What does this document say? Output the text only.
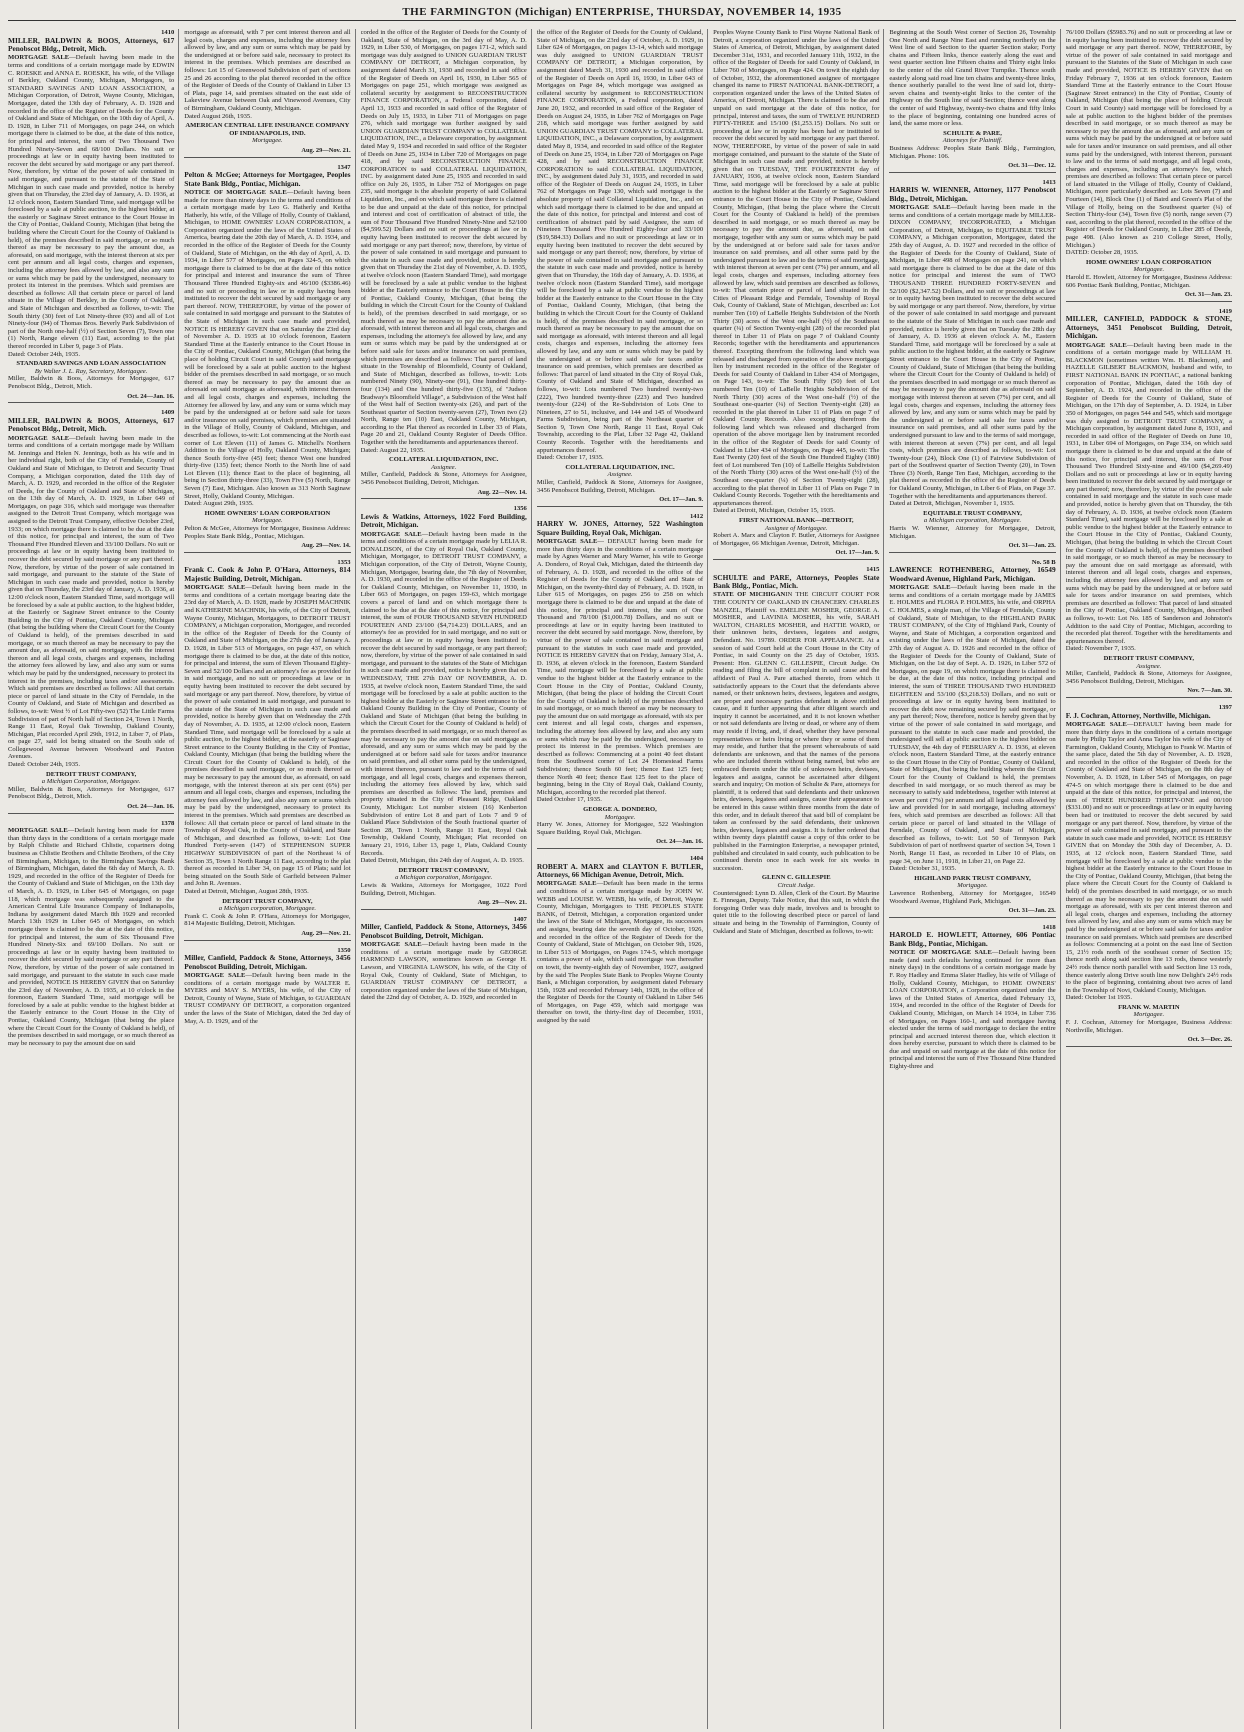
THE FARMINGTON (Michigan) ENTERPRISE, THURSDAY, NOVEMBER 14, 1935
1410
MILLER, BALDWIN & BOOS, Attorneys, 617 Penobscot Bldg., Detroit, Mich.
MORTGAGE SALE—Default having been made in the terms and conditions of a certain mortgage made by EDWIN C. ROESKE and ANNA E. ROESKE, his wife, of the Village of Berkley, Oakland County, Michigan, Mortgagors, to STANDARD SAVINGS AND LOAN ASSOCIATION, a Michigan Corporation, of Detroit, Wayne County, Michigan, Mortgagee, dated the 13th day of February, A. D. 1928 and recorded in the office of the Register of Deeds for the County of Oakland and State of Michigan, on the 10th day of April, A. D. 1928, in Liber 711 of Mortgages, on page 244, on which mortgage there is claimed to be due, at the date of this notice, for principal and interest, the sum of Two Thousand Two Hundred Ninety-Seven and 68/100 Dollars. No suit or proceedings at law or in equity having been instituted to recover the debt secured by said mortgage or any part thereof. Now, therefore, by virtue of the power of sale contained in said mortgage, and pursuant to the statute of the State of Michigan in such case made and provided, notice is hereby given that on Thursday, the 23rd day of January, A. D. 1936, at 12 o'clock noon, Eastern Standard Time, said mortgage will be foreclosed by a sale at public auction, to the highest bidder, at the easterly or Saginaw Street entrance to the Court House in the City of Pontiac, Oakland County, Michigan (that being the building where the Circuit Court for the County of Oakland is held), of the premises described in said mortgage, or so much thereof as may be necessary to pay the amount due, as aforesaid, on said mortgage, with the interest thereon at six per cent per annum and all legal costs, charges and expenses, including the attorney fees allowed by law, and also any sum or sums which may be paid by the undersigned, necessary to protect its interest in the premises. Which said premises are described as follows: All that certain piece or parcel of land situate in the Village of Berkley, in the County of Oakland, and State of Michigan and described as follows, to-wit: The South thirty (30) feet of Lot Ninety-three (93) and all of Lot Ninety-four (94) of Thomas Bros. Beverly Park Subdivision of part of the North one-half (½) of Section Seven (7), Town one (1) North, Range eleven (11) East, according to the plat thereof recorded in Liber 9, page 3 of Plats.
Dated: October 24th, 1935.
STANDARD SAVINGS AND LOAN ASSOCIATION
By Walter J. L. Ray, Secretary, Mortgagee.
Miller, Baldwin & Boos, Attorneys for Mortgagee, 617 Penobscot Bldg., Detroit, Mich.
Oct. 24—Jan. 16.
1409
MILLER, BALDWIN & BOOS, Attorneys, 617 Penobscot Bldg., Detroit, Mich.
MORTGAGE SALE—Default having been made in the terms and conditions of a certain mortgage made by William M. Jennings and Helen N. Jennings, both as his wife and in her individual right, both of the City of Ferndale, County of Oakland and State of Michigan, to Detroit and Security Trust Company, a Michigan corporation, dated the 11th day of March, A. D. 1929, and recorded in the office of the Register of Deeds, for the County of Oakland and State of Michigan, on the 13th day of March, A. D. 1929, in Liber 649 of Mortgages, on page 316, which said mortgage was thereafter assigned to the Detroit Trust Company, which mortgage was assigned to the Detroit Trust Company, effective October 23rd, 1933; on which mortgage there is claimed to be due at the date of this notice, for principal and interest, the sum of Two Thousand Five Hundred Eleven and 33/100 Dollars. No suit or proceedings at law or in equity having been instituted to recover the debt secured by said mortgage or any part thereof. Now, therefore, by virtue of the power of sale contained in said mortgage, and pursuant to the statute of the State of Michigan in such case made and provided, notice is hereby given that on Thursday, the 23rd day of January, A. D. 1936, at 12:00 o'clock noon, Eastern Standard Time, said mortgage will be foreclosed by a sale at public auction, to the highest bidder, at the Easterly or Saginaw Street entrance to the County Building in the City of Pontiac, Oakland County, Michigan (that being the building where the Circuit Court for the County of Oakland is held), of the premises described in said mortgage, or so much thereof as may be necessary to pay the amount due, as aforesaid, on said mortgage, with the interest thereon and all legal costs, charges and expenses, including the attorney fees allowed by law, and also any sum or sums which may be paid by the undersigned, necessary to protect its interest in the premises, including taxes and/or assessments. Which said premises are described as follows: All that certain piece or parcel of land situate in the City of Ferndale, in the County of Oakland, and State of Michigan and described as follows, to-wit: West ½ of Lot Fifty-two (52) The Little Farms Subdivision of part of North half of Section 24, Town 1 North, Range 11 East, Royal Oak Township, Oakland County, Michigan, Plat recorded April 29th, 1912, in Liber 7, of Plats, on page 27, said lot being situated on the South side of Collegewood Avenue between Woodward and Paxton Avenues.
Dated: October 24th, 1935.
DETROIT TRUST COMPANY,
a Michigan Corporation, Mortgagee.
Miller, Baldwin & Boos, Attorneys for Mortgagee, 617 Penobscot Bldg., Detroit, Mich.
Oct. 24—Jan. 16.
1378
MORTGAGE SALE—Default having been made for more than thirty days in the conditions of a certain mortgage made by Ralph Chlistie and Richard Chlistie, copartners doing business as Chlistie Brothers and Chlistie Brothers, of the City of Birmingham, Michigan, to the Birmingham Savings Bank of Birmingham, Michigan, dated the 6th day of March, A. D. 1929, and recorded in the office of the Register of Deeds for the County of Oakland and State of Michigan, on the 13th day of March, A. D. 1929, in Liber 645 of Mortgages, on page 118, which mortgage was subsequently assigned to the American Central Life Insurance Company of Indianapolis, Indiana by assignment dated March 8th 1929 and recorded March 13th 1929 in Liber 645 of Mortgages, on which mortgage there is claimed to be due at the date of this notice, for principal and interest, the sum of Six Thousand Five Hundred Ninety-Six and 69/100 Dollars. No suit or proceedings at law or in equity having been instituted to recover the debt secured by said mortgage or any part thereof. Now, therefore, by virtue of the power of sale contained in said mortgage, and pursuant to the statute in such case made and provided, NOTICE IS HEREBY GIVEN that on Saturday the 23rd day of November, A. D. 1935, at 10 o'clock in the forenoon, Eastern Standard Time, said mortgage will be foreclosed by a sale at public vendue to the highest bidder at the Easterly entrance to the Court House in the City of Pontiac, Oakland County, Michigan (that being the place where the Circuit Court for the County of Oakland is held), of the premises described in said mortgage, or so much thereof as may be necessary to pay the amount due on said
mortgage as aforesaid, with 7 per cent interest thereon and all legal costs, charges and expenses, including the attorney fees allowed by law, and any sum or sums which may be paid by the undersigned at or before said sale, necessary to protect its interest in the premises. Which premises are described as follows: Lot 15 of Greenwood Subdivision of part of sections 25 and 26 according to the plat thereof recorded in the office of the Register of Deeds of the County of Oakland in Liber 13 of Plats, page 14, said premises situated on the east side of Lakeview Avenue between Oak and Vinewood Avenues, City of Birmingham, Oakland County, Michigan.
Dated August 26th, 1935.
AMERICAN CENTRAL LIFE INSURANCE COMPANY OF INDIANAPOLIS, IND.
Mortgagee.
Aug. 29—Nov. 21.
1347
Pelton & McGee; Attorneys for Mortgagee, Peoples State Bank Bldg., Pontiac, Michigan.
NOTICE OF MORTGAGE SALE—Default having been made for more than ninety days in the terms and conditions of a certain mortgage made by Leo G. Hatherly and Keitha Hatherly, his wife, of the Village of Holly, County of Oakland, Michigan, to HOME OWNERS' LOAN CORPORATION, a Corporation organized under the laws of the United States of America, bearing date the 20th day of March, A. D. 1934, and recorded in the office of the Register of Deeds for the County of Oakland, State of Michigan, on the 4th day of April, A. D. 1934, in Liber 577 of Mortgages, on Pages 324-5, on which mortgage there is claimed to be due at the date of this notice for principal and interest and insurance the sum of Three Thousand Three Hundred Eighty-six and 46/100 ($3386.46) and no suit or proceeding in law or in equity having been instituted to recover the debt secured by said mortgage or any part thereof. NOW, THEREFORE, by virtue of the power of sale contained in said mortgage and pursuant to the Statutes of the State of Michigan in such case made and provided, NOTICE IS HEREBY GIVEN that on Saturday the 23rd day of November A. D. 1935 at 10 o'clock forenoon, Eastern Standard Time at the Easterly entrance to the Court House in the City of Pontiac, Oakland County, Michigan (that being the place of holding Circuit Court in said County) said mortgage will be foreclosed by a sale at public auction to the highest bidder of the premises described in said mortgage, or so much thereof as may be necessary to pay the amount due as aforesaid on said mortgage as aforesaid, with interest thereon and all legal costs, charges and expenses, including the Attorney fee allowed by law, and any sum or sums which may be paid by the undersigned at or before said sale for taxes and/or insurance on said premises, which premises are situated in the Village of Holly, County of Oakland, Michigan, and described as follows, to-wit: Lot commencing at the North east corner of Lot Eleven (11) of James G. Mitchell's Northern Addition to the Village of Holly, Oakland County, Michigan; thence South forty-five (45) feet; thence West one hundred thirty-five (135) feet; thence North to the North line of said Lot Eleven (11); thence East to the place of beginning, all being in Section thirty-three (33), Town Five (5) North, Range Seven (7) East, Michigan. Also known as 313 North Saginaw Street, Holly, Oakland County, Michigan.
Dated: August 29th, 1935.
HOME OWNERS' LOAN CORPORATION
Mortgagee.
Pelton & McGee, Attorneys for Mortgagee, Business Address: Peoples State Bank Bldg., Pontiac, Michigan.
Aug. 29—Nov. 14.
1353
Frank C. Cook & John P. O'Hara, Attorneys, 814 Majestic Building, Detroit, Michigan.
MORTGAGE SALE—Default having been made in the terms and conditions of a certain mortgage bearing date the 23rd day of March, A. D. 1928, made by JOSEPH MACHNIK and KATHERINE MACHNIK, his wife, of the City of Detroit, Wayne County, Michigan, Mortgagors, to DETROIT TRUST COMPANY, a Michigan corporation, Mortgagee, and recorded in the office of the Register of Deeds for the County of Oakland and State of Michigan, on the 27th day of January A. D. 1928, in Liber 513 of Mortgages, on page 437, on which mortgage there is claimed to be due, at the date of this notice, for principal and interest, the sum of Eleven Thousand Eighty-Seven and 52/100 Dollars and an attorney's fee as provided for in said mortgage, and no suit or proceedings at law or in equity having been instituted to recover the debt secured by said mortgage or any part thereof. Now, therefore, by virtue of the power of sale contained in said mortgage, and pursuant to the statute of the State of Michigan in such case made and provided, notice is hereby given that on Wednesday the 27th day of November, A. D. 1935, at 12:00 o'clock noon, Eastern Standard Time, said mortgage will be foreclosed by a sale at public auction, to the highest bidder, at the easterly or Saginaw Street entrance to the County Building in the City of Pontiac, Oakland County, Michigan (that being the building where the Circuit Court for the County of Oakland is held), of the premises described in said mortgage, or so much thereof as may be necessary to pay the amount due, as aforesaid, on said mortgage, with the interest thereon at six per cent (6%) per annum and all legal costs, charges and expenses, including the attorney fees allowed by law, and also any sum or sums which may be paid by the undersigned, necessary to protect its interest in the premises. Which said premises are described as follows: All that certain piece or parcel of land situate in the Township of Royal Oak, in the County of Oakland, and State of Michigan, and described as follows, to-wit: Lot One Hundred Forty-seven (147) of STEPHENSON SUPER HIGHWAY SUBDIVISION of part of the Northeast ¼ of Section 35, Town 1 North Range 11 East, according to the plat thereof as recorded in Liber 34, on page 15 of Plats; said lot being situated on the South Side of Garfield between Palmer and John R. Avenues.
Dated at Detroit, Michigan, August 28th, 1935.
DETROIT TRUST COMPANY,
a Michigan corporation, Mortgagee.
Frank C. Cook & John P. O'Hara, Attorneys for Mortgagee, 814 Majestic Building, Detroit, Michigan.
Aug. 29—Nov. 21.
1350
Miller, Canfield, Paddock & Stone, Attorneys, 3456 Penobscot Building, Detroit, Michigan.
MORTGAGE SALE—Default having been made in the conditions of a certain mortgage made by WALTER E. MYERS and MAY S. MYERS, his wife, of the City of Detroit, County of Wayne, State of Michigan, to GUARDIAN TRUST COMPANY OF DETROIT, a corporation organized under the laws of the State of Michigan, dated the 3rd day of May, A. D. 1929, and of the
corded in the office of the Register of Deeds for the County of Oakland, State of Michigan, on the 3rd day of May, A. D. 1929, in Liber 530, of Mortgages, on pages 171-2, which said mortgage was duly assigned to UNION GUARDIAN TRUST COMPANY OF DETROIT, a Michigan corporation, by assignment dated March 31, 1930 and recorded in said office of the Register of Deeds on April 16, 1930, in Liber 565 of Mortgages on page 251, which mortgage was assigned as collateral security by assignment to RECONSTRUCTION FINANCE CORPORATION, a Federal corporation, dated April 13, 1933 and recorded in said office of the Register of Deeds on July 15, 1933, in Liber 711 of Mortgages on page 276, which said mortgage was further assigned by said UNION GUARDIAN TRUST COMPANY to COLLATERAL LIQUIDATION, INC., a Delaware corporation, by assignment dated May 9, 1934 and recorded in said office of the Register of Deeds on June 25, 1934 in Liber 720 of Mortgages on page 418, and by said RECONSTRUCTION FINANCE CORPORATION to said COLLATERAL LIQUIDATION, INC. by assignment dated June 25, 1935 and recorded in said office on July 26, 1935, in Liber 752 of Mortgages on page 235, said mortgage is the absolute property of said Collateral Liquidation, Inc., and on which said mortgage there is claimed to be due and unpaid at the date of this notice, for principal and interest and cost of certification of abstract of title, the sum of Four Thousand Five Hundred Ninety-Nine and 52/100 ($4,599.52) Dollars and no suit or proceedings at law or in equity having been instituted to recover the debt secured by said mortgage or any part thereof; now, therefore, by virtue of the power of sale contained in said mortgage and pursuant to the statute in such case made and provided, notice is hereby given that on Thursday the 21st day of November, A. D. 1935, at twelve o'clock noon (Eastern Standard Time), said mortgage will be foreclosed by a sale at public vendue to the highest bidder at the Easterly entrance to the Court House in the City of Pontiac, Oakland County, Michigan, (that being the building in which the Circuit Court for the County of Oakland is held), of the premises described in said mortgage, or so much thereof as may be necessary to pay the amount due as aforesaid, with interest thereon and all legal costs, charges and expenses, including the attorney's fee allowed by law, and any sum or sums which may be paid by the undersigned at or before said sale for taxes and/or insurance on said premises, which premises are described as follows: That parcel of land situate in the Township of Bloomfield, County of Oakland, and State of Michigan, described as follows, to-wit: Lots numbered Ninety (90), Ninety-one (91), One hundred thirty-four (134) and One hundred thirty-five (135), of "Judson Bradway's Bloomfield Village", a Subdivision of the West half of the West half of Section twenty-six (26), and part of the Southeast quarter of Section twenty-seven (27), Town two (2) North, Range ten (10) East, Oakland County, Michigan, according to the Plat thereof as recorded in Liber 33 of Plats, Page 20 and 21, Oakland County Register of Deeds Office. Together with the hereditaments and appurtenances thereof.
Dated: August 22, 1935.
COLLATERAL LIQUIDATION, INC.
Assignee.
Miller, Canfield, Paddock & Stone, Attorneys for Assignee, 3456 Penobscot Building, Detroit, Michigan.
Aug. 22—Nov. 14.
1356
Lewis & Watkins, Attorneys, 1022 Ford Building, Detroit, Michigan.
MORTGAGE SALE—Default having been made in the terms and conditions of a certain mortgage made by LELIA R. DONALDSON, of the City of Royal Oak, Oakland County, Michigan, Mortgagor, to DETROIT TRUST COMPANY, a Michigan corporation, of the City of Detroit, Wayne County, Michigan, Mortgagee, bearing date, the 7th day of November, A. D. 1930, and recorded in the office of the Register of Deeds for Oakland County, Michigan, on November 11, 1930, in Liber 663 of Mortgages, on pages 159-63, which mortgage covers a parcel of land and on which mortgage there is claimed to be due at the date of this notice, for principal and interest, the sum of FOUR THOUSAND SEVEN HUNDRED FOURTEEN AND 23/100 ($4,714.23) DOLLARS, and an attorney's fee as provided for in said mortgage, and no suit or proceedings at law or in equity having been instituted to recover the debt secured by said mortgage, or any part thereof; now, therefore, by virtue of the power of sale contained in said mortgage, and pursuant to the statutes of the State of Michigan in such case made and provided, notice is hereby given that on WEDNESDAY, THE 27th DAY OF NOVEMBER, A. D. 1935, at twelve o'clock noon, Eastern Standard Time, the said mortgage will be foreclosed by a sale at public auction to the highest bidder at the Easterly or Saginaw Street entrance to the Oakland County Building in the City of Pontiac, County of Oakland and State of Michigan (that being the building in which the Circuit Court for the County of Oakland is held) of the premises described in said mortgage, or so much thereof as may be necessary to pay the amount due on said mortgage as aforesaid, and any sum or sums which may be paid by the undersigned at or before said sale for taxes and/or insurance on said premises, and all other sums paid by the undersigned, with interest thereon, pursuant to law and to the terms of said mortgage, and all legal costs, charges and expenses thereon, including the attorney fees allowed by law, which said premises are described as follows: The land, premises and property situated in the City of Pleasant Ridge, Oakland County, Michigan: Lot number sixteen (16) Kenberton Subdivision of entire Lot 8 and part of Lots 7 and 9 of Oakland Place Subdivision of the South fractional quarter of Section 28, Town 1 North, Range 11 East, Royal Oak Township, Oakland County, Michigan; Plat recorded on January 21, 1916, Liber 13, page 1, Plats, Oakland County Records.
Dated Detroit, Michigan, this 24th day of August, A. D. 1935.
DETROIT TRUST COMPANY,
a Michigan corporation, Mortgagee.
Lewis & Watkins, Attorneys for Mortgagee, 1022 Ford Building, Detroit, Michigan.
Aug. 29—Nov. 21.
1407
Miller, Canfield, Paddock & Stone, Attorneys, 3456 Penobscot Building, Detroit, Michigan.
MORTGAGE SALE—Default having been made in the conditions of a certain mortgage made by GEORGE HARMOND LAWSON, sometimes known as George H. Lawson, and VIRGINIA LAWSON, his wife, of the City of Royal Oak, County of Oakland, State of Michigan, to GUARDIAN TRUST COMPANY OF DETROIT, a corporation organized under the laws of the State of Michigan, dated the 22nd day of October, A. D. 1929, and recorded in
the office of the Register of Deeds for the County of Oakland, State of Michigan, on the 23rd day of October, A. D. 1929, in Liber 624 of Mortgages, on pages 13-14, which said mortgage was duly assigned to UNION GUARDIAN TRUST COMPANY OF DETROIT, a Michigan corporation, by assignment dated March 31, 1930 and recorded in said office of the Register of Deeds on April 16, 1930, in Liber 643 of Mortgages on Page 84, which mortgage was assigned as collateral security by assignment to RECONSTRUCTION FINANCE CORPORATION, a Federal corporation, dated June 20, 1932, and recorded in said office of the Register of Deeds on August 24, 1935, in Liber 762 of Mortgages on Page 218, which said mortgage was further assigned by said UNION GUARDIAN TRUST COMPANY to COLLATERAL LIQUIDATION, INC., a Delaware corporation, by assignment dated May 8, 1934, and recorded in said office of the Register of Deeds on June 25, 1934, in Liber 720 of Mortgages on Page 428, and by said RECONSTRUCTION FINANCE CORPORATION to said COLLATERAL LIQUIDATION, INC., by assignment dated July 31, 1935, and recorded in said office of the Register of Deeds on August 24, 1935, in Liber 762 of Mortgages on Page 130, which said mortgage is the absolute property of said Collateral Liquidation, Inc., and on which said mortgage there is claimed to be due and unpaid at the date of this notice, for principal and interest and cost of certification of abstract paid by said Assignee, the sum of Nineteen Thousand Five Hundred Eighty-four and 33/100 ($19,584.33) Dollars and no suit or proceedings at law or in equity having been instituted to recover the debt secured by said mortgage or any part thereof; now, therefore, by virtue of the power of sale contained in said mortgage and pursuant to the statute in such case made and provided, notice is hereby given that on Thursday, the 16th day of January, A. D. 1936, at twelve o'clock noon (Eastern Standard Time), said mortgage will be foreclosed by a sale at public vendue to the highest bidder at the Easterly entrance to the Court House in the City of Pontiac, Oakland County, Michigan, (that being the building in which the Circuit Court for the County of Oakland is held), of the premises described in said mortgage, or so much thereof as may be necessary to pay the amount due on said mortgage as aforesaid, with interest thereon and all legal costs, charges and expenses, including the attorney fees allowed by law, and any sum or sums which may be paid by the undersigned at or before said sale for taxes and/or insurance on said premises, which premises are described as follows: That parcel of land situated in the City of Royal Oak, County of Oakland and State of Michigan, described as follows, to-wit: Lots numbered Two hundred twenty-two (222), Two hundred twenty-three (223) and Two hundred twenty-four (224) of the Re-Subdivision of Lots One to Nineteen, 27 to 51, inclusive, and 144 and 145 of Woodward Farms Subdivision, being part of the Northeast quarter of Section 9, Town One North, Range 11 East, Royal Oak Township, according to the Plat, Liber 32 Page 42, Oakland County Records. Together with the hereditaments and appurtenances thereof.
Dated: October 17, 1935.
COLLATERAL LIQUIDATION, INC.
Assignee.
Miller, Canfield, Paddock & Stone, Attorneys for Assignee, 3456 Penobscot Building, Detroit, Michigan.
Oct. 17—Jan. 9.
1412
HARRY W. JONES, Attorney, 522 Washington Square Building, Royal Oak, Michigan.
MORTGAGE SALE— DEFAULT having been made for more than thirty days in the conditions of a certain mortgage made by Agnes Warner and Mary Warner, his wife to George A. Dondero, of Royal Oak, Michigan, dated the thirteenth day of February, A. D. 1928, and recorded in the office of the Register of Deeds for the County of Oakland and State of Michigan, on the twenty-third day of February, A. D. 1928, in Liber 615 of Mortgages, on pages 256 to 258 on which mortgage there is claimed to be due and unpaid at the date of this notice, for principal and interest, the sum of One Thousand and 78/100 ($1,000.78) Dollars, and no suit or proceedings at law or in equity having been instituted to recover the debt secured by said mortgage. Now, therefore, by virtue of the power of sale contained in said mortgage and pursuant to the statutes in such case made and provided, NOTICE IS HEREBY GIVEN that on Friday, January 31st, A. D. 1936, at eleven o'clock in the forenoon, Eastern Standard Time, said mortgage will be foreclosed by a sale at public vendue to the highest bidder at the Easterly entrance to the Court House in the City of Pontiac, Oakland County, Michigan, (that being the place of holding the Circuit Court for the County of Oakland is held) of the premises described in said mortgage, or so much thereof as may be necessary to pay the amount due on said mortgage as aforesaid, with six per cent interest and all legal costs, charges and expenses, including the attorney fees allowed by law, and also any sum or sums which may be paid by the undersigned, necessary to protect its interest in the premises. Which premises are described as follows: Commencing at a point 40 feet distant from the Southwest corner of Lot 24 Homestead Farms Subdivision; thence South 60 feet; thence East 125 feet; thence North 40 feet; thence East 125 feet to the place of beginning, being in the City of Royal Oak, Oakland County, Michigan, according to the recorded plat thereof.
Dated October 17, 1935.
GEORGE A. DONDERO,
Mortgagee.
Harry W. Jones, Attorney for Mortgagee, 522 Washington Square Building, Royal Oak, Michigan.
Oct. 24—Jan. 16.
1404
ROBERT A. MARX and CLAYTON F. BUTLER, Attorneys, 66 Michigan Avenue, Detroit, Mich.
MORTGAGE SALE—Default has been made in the terms and conditions of a certain mortgage made by JOHN W. WEBB and LOUISE W. WEBB, his wife, of Detroit, Wayne County, Michigan, Mortgagors to THE PEOPLES STATE BANK, of Detroit, Michigan, a corporation organized under the laws of the State of Michigan, Mortgagee, its successors and assigns, bearing date the seventh day of October, 1926, and recorded in the office of the Register of Deeds for the County of Oakland, State of Michigan, on October 9th, 1926, in Liber 513 of Mortgages, on Pages 174-5, which mortgage contains a power of sale, which said mortgage was thereafter on towit, the twenty-eighth day of November, 1927, assigned by the said The Peoples State Bank to Peoples Wayne County Bank, a Michigan corporation, by assignment dated February 15th, 1928 and recorded February 14th, 1928, in the office of the Register of Deeds for the County of Oakland in Liber 546 of Mortgages, on Page 459, which said mortgage was thereafter on towit, the thirty-first day of December, 1931, assigned by the said
Peoples Wayne County Bank to First Wayne National Bank of Detroit, a corporation organized under the laws of the United States of America, of Detroit, Michigan, by assignment dated December 31st, 1931, and recorded January 11th, 1932, in the office of the Register of Deeds for said County of Oakland, in Liber 760 of Mortgages, on Page 424. On towit the eighth day of October, 1932, the aforementioned assignee of mortgagee changed its name to FIRST NATIONAL BANK-DETROIT, a corporation organized under the laws of the United States of America, of Detroit, Michigan. There is claimed to be due and unpaid on said mortgage at the date of this notice, for principal, interest and taxes, the sum of TWELVE HUNDRED FIFTY-THREE and 15/100 ($1,253.15) Dollars. No suit or proceeding at law or in equity has been had or instituted to recover the debt secured by said mortgage or any part thereof. NOW, THEREFORE, by virtue of the power of sale in said mortgage contained, and pursuant to the statute of the State of Michigan in such case made and provided, notice is hereby given that on TUESDAY, THE FOURTEENTH day of JANUARY, 1936, at twelve o'clock noon, Eastern Standard Time, said mortgage will be foreclosed by a sale at public auction to the highest bidder at the Easterly or Saginaw Street entrance to the Court House in the City of Pontiac, Oakland County, Michigan, (that being the place where the Circuit Court for the County of Oakland is held) of the premises described in said mortgage, or so much thereof as may be necessary to pay the amount due, as aforesaid, on said mortgage, together with any sum or sums which may be paid by the undersigned at or before said sale for taxes and/or insurance on said premises, and all other sums paid by the undersigned pursuant to law and to the terms of said mortgage, with interest thereon at seven per cent (7%) per annum, and all legal costs, charges and expenses, including attorney fees allowed by law, which said premises are described as follows, to-wit: That certain piece or parcel of land situated in the Cities of Pleasant Ridge and Ferndale, Township of Royal Oak, County of Oakland, State of Michigan, described as: Lot number Ten (10) of LaBelle Heights Subdivision of the North Thirty (30) acres of the West one-half (½) of the Southeast quarter (¼) of Section Twenty-eight (28) of the recorded plat thereof in Liber 11 of Plats on page 7 of Oakland County Records; together with the hereditaments and appurtenances thereof. Excepting therefrom the following land which was released and discharged from operation of the above mortgage lien by instrument recorded in the office of the Register of Deeds for said County of Oakland in Liber 434 of Mortgages, on Page 143, to-wit: The South Fifty (50) feet of Lot numbered Ten (10) of LaBelle Heights Subdivision of the North Thirty (30) acres of the West one-half (½) of the Southeast one-quarter (¼) of Section Twenty-eight (28) as recorded in the plat thereof in Liber 11 of Plats on page 7 of Oakland County Records. Also excepting therefrom the following land which was released and discharged from operation of the above mortgage lien by instrument recorded in the office of the Register of Deeds for said County of Oakland in Liber 434 of Mortgages, on Page 445, to-wit: The East Twenty (20) feet of the South One Hundred Eighty (180) feet of Lot numbered Ten (10) of LaBelle Heights Subdivision of the North Thirty (30) acres of the West one-half (½) of the Southeast one-quarter (¼) of Section Twenty-eight (28), according to the plat thereof in Liber 11 of Plats on Page 7 in Oakland County Records. Together with the hereditaments and appurtenances thereof.
Dated at Detroit, Michigan, October 15, 1935.
FIRST NATIONAL BANK—DETROIT,
Assignee of Mortgagee.
Robert A. Marx and Clayton F. Butler, Attorneys for Assignee of Mortgagee, 66 Michigan Avenue, Detroit, Michigan.
Oct. 17—Jan. 9.
1415
SCHULTE and PARE, Attorneys, Peoples State Bank Bldg., Pontiac, Mich.
STATE OF MICHIGANIN THE CIRCUIT COURT FOR THE COUNTY OF OAKLAND IN CHANCERY. CHARLES MANZEL, Plaintiff vs. EMELINE MOSHER, GEORGE A. MOSHER, and LAVINIA MOSHER, his wife, SARAH WALTON, CHARLES MOSHER, and HATTIE WARD, or their unknown heirs, devisees, legatees and assigns, Defendant. No. 19789. ORDER FOR APPEARANCE. At a session of said Court held at the Court House in the City of Pontiac, in said County on the 25 day of October, 1935. Present: Hon. GLENN C. GILLESPIE, Circuit Judge. On reading and filing the bill of complaint in said cause and the affidavit of Paul A. Pare attached thereto, from which it satisfactorily appears to the Court that the defendants above named, or their unknown heirs, devisees, legatees and assigns, are proper and necessary parties defendant in above entitled cause, and it further appearing that after diligent search and inquiry it cannot be ascertained, and it is not known whether or not said defendants are living or dead, or where any of them may reside if living, and, if dead, whether they have personal representatives or heirs living or where they or some of them may reside, and further that the present whereabouts of said defendants are unknown, and that the names of the persons who are included therein without being named, but who are embraced therein under the title of unknown heirs, devisees, legatees and assigns, cannot be ascertained after diligent search and inquiry; On motion of Schulte & Pare, attorneys for plaintiff, it is ordered that said defendants and their unknown heirs, devisees, legatees and assigns, cause their appearance to be entered in this cause within three months from the date of this order, and in default thereof that said bill of complaint be taken as confessed by the said defendants, their unknown heirs, devisees, legatees and assigns. It is further ordered that within twenty days plaintiff cause a copy of this order to be published in the Farmington Enterprise, a newspaper printed, published and circulated in said county, such publication to be continued therein once in each week for six weeks in succession.
GLENN C. GILLESPIE
Circuit Judge.
Countersigned: Lynn D. Allen, Clerk of the Court. By Maurine E. Finnegan, Deputy. Take Notice, that this suit, in which the foregoing Order was duly made, involves and is brought to quiet title to the following described piece or parcel of land situate and being in the Township of Farmington, County of Oakland and State of Michigan, described as follows, to-wit:
Beginning at the South West corner of Section 26, Township One North and Range Nine East and running northerly on the West line of said Section to the quarter Section stake; Forty chains and Fifteen links, thence easterly along the east and west quarter section line Fifteen chains and Thirty eight links to the center of the old Grand River Turnpike. Thence south easterly along said road line ten chains and twenty-three links, thence southerly parallel to the west line of said lot, thirty-seven chains and twenty-eight links to the center of the Highway on the South line of said Section; thence west along the center of said Highway, twenty-two chains and fifty links to the place of beginning, containing one hundred acres of land, the same more or less.
SCHULTE & PARE,
Attorneys for Plaintiff.
Business Address: Peoples State Bank Bldg., Farmington, Michigan. Phone: 106.
Oct. 31—Dec. 12.
1413
HARRIS W. WIENNER, Attorney, 1177 Penobscot Bldg., Detroit, Michigan.
MORTGAGE SALE—Default having been made in the terms and conditions of a certain mortgage made by MILLER-DIXON COMPANY, INCORPORATED, a Michigan Corporation, of Detroit, Michigan, to EQUITABLE TRUST COMPANY, a Michigan corporation, Mortgagee, dated the 25th day of August, A. D. 1927 and recorded in the office of the Register of Deeds for the County of Oakland, State of Michigan, in Liber 498 of Mortgages on page 241, on which said mortgage there is claimed to be due at the date of this notice for principal and interest the sum of TWO THOUSAND THREE HUNDRED FORTY-SEVEN and 52/100 ($2,347.52) Dollars, and no suit or proceedings at law or in equity having been instituted to recover the debt secured by said mortgage or any part thereof. Now, therefore, by virtue of the power of sale contained in said mortgage and pursuant to the statute of the State of Michigan in such case made and provided, notice is hereby given that on Tuesday the 28th day of January, A. D. 1936 at eleven o'clock A. M., Eastern Standard Time, said mortgage will be foreclosed by a sale at public auction to the highest bidder, at the easterly or Saginaw Street entrance to the Court House in the City of Pontiac, County of Oakland, State of Michigan (that being the building where the Circuit Court for the County of Oakland is held) of the premises described in said mortgage or so much thereof as may be necessary to pay the amount due as aforesaid on said mortgage with interest thereon at seven (7%) per cent, and all legal costs, charges and expenses, including the attorney fees allowed by law, and any sum or sums which may be paid by the undersigned at or before said sale for taxes and/or insurance on said premises, and all other sums paid by the undersigned pursuant to law and to the terms of said mortgage, with interest thereon at seven (7%) per cent, and all legal costs, which premises are described as follows, to-wit: Lot Twenty-four (24), Block One (1) of Fairview Subdivision of part of the Southwest quarter of Section Twenty (20), in Town Three (3) North, Range Ten East, Michigan, according to the plat thereof as recorded in the office of the Register of Deeds for Oakland County, Michigan, in Liber 6 of Plats, on Page 37. Together with the hereditaments and appurtenances thereof.
Dated at Detroit, Michigan, November 1, 1935.
EQUITABLE TRUST COMPANY,
a Michigan corporation, Mortgagee.
Harris W. Wienner, Attorney for Mortgagee, Detroit, Michigan.
Oct. 31—Jan. 23.
No. 58 B
LAWRENCE ROTHENBERG, Attorney, 16549 Woodward Avenue, Highland Park, Michigan.
MORTGAGE SALE—Default having been made in the terms and conditions of a certain mortgage made by JAMES E. HOLMES and FLORA P. HOLMES, his wife, and ORPHA C. HOLMES, a single man, of the Village of Ferndale, County of Oakland, State of Michigan, to the HIGHLAND PARK TRUST COMPANY, of the City of Highland Park, County of Wayne, and State of Michigan, a corporation organized and existing under the laws of the State of Michigan, dated the 27th day of August A. D. 1926 and recorded in the office of the Register of Deeds for the County of Oakland, State of Michigan, on the 1st day of Sept. A. D. 1926, in Liber 572 of Mortgages, on page 19, on which mortgage there is claimed to be due, at the date of this notice, including principal and interest, the sum of THREE THOUSAND TWO HUNDRED EIGHTEEN and 53/100 ($3,218.53) Dollars, and no suit or proceedings at law or in equity having been instituted to recover the debt now remaining secured by said mortgage, or any part thereof; Now, therefore, notice is hereby given that by virtue of the power of sale contained in said mortgage, and pursuant to the statute in such case made and provided, the undersigned will sell at public auction to the highest bidder on TUESDAY, the 4th day of FEBRUARY A. D. 1936, at eleven o'clock noon, Eastern Standard Time, at the easterly entrance to the Court House in the City of Pontiac, County of Oakland, State of Michigan, that being the building wherein the Circuit Court for the County of Oakland is held, the premises described in said mortgage, or so much thereof as may be necessary to satisfy said indebtedness, together with interest at seven per cent (7%) per annum and all legal costs allowed by law and provided for in said mortgage, including attorneys' fees, which said premises are described as follows: All that certain piece or parcel of land situated in the Village of Ferndale, County of Oakland, and State of Michigan, described as follows, to-wit: Lot 50 of Tennyson Park Subdivision of part of northwest quarter of section 34, Town 1 North, Range 11 East, as recorded in Liber 10 of Plats, on page 34, on June 11, 1918, in Liber 21, on Page 22.
Dated: October 31, 1935.
HIGHLAND PARK TRUST COMPANY,
Mortgagee.
Lawrence Rothenberg, Attorney for Mortgagee, 16549 Woodward Avenue, Highland Park, Michigan.
Oct. 31—Jan. 23.
1418
HAROLD E. HOWLETT, Attorney, 606 Pontiac Bank Bldg., Pontiac, Michigan.
NOTICE OF MORTGAGE SALE—Default having been made (and such defaults having continued for more than ninety days) in the conditions of a certain mortgage made by F. Roy Hadley and Emma Slater Hadley, his wife of Village of Holly, Oakland County, Michigan, to HOME OWNERS' LOAN CORPORATION, a Corporation organized under the laws of the United States of America, dated February 13, 1934, and recorded in the office of the Register of Deeds for Oakland County, Michigan, on March 14 1934, in Liber 736 of Mortgages, on Pages 160-1, and said mortgagee having elected under the terms of said mortgage to declare the entire principal and accrued interest thereon due, which election it does hereby exercise, pursuant to which there is claimed to be due and unpaid on said mortgage at the date of this notice for principal and interest the sum of Five Thousand Nine Hundred Eighty-three and
76/100 Dollars ($5983.76) and no suit or proceeding at law or in equity having been instituted to recover the debt secured by said mortgage or any part thereof. NOW, THEREFORE, by virtue of the power of sale contained in said mortgage and pursuant to the Statutes of the State of Michigan in such case made and provided, NOTICE IS HEREBY GIVEN that on Friday February 7, 1936 at ten o'clock forenoon, Eastern Standard Time at the Easterly entrance to the Court House (Saginaw Street entrance) in the City of Pontiac, County of Oakland, Michigan (that being the place of holding Circuit Court in said County) said mortgage will be foreclosed by a sale at public auction to the highest bidder of the premises described in said mortgage, or so much thereof as may be necessary to pay the amount due as aforesaid, and any sum or sums which may be paid by the undersigned at or before said sale for taxes and/or insurance on said premises, and all other sums paid by the undersigned, with interest thereon, pursuant to law and to the terms of said mortgage, and all legal costs, charges and expenses, including an attorney's fee, which premises are described as follows: That certain piece or parcel of land situated in the Village of Holly, County of Oakland, Michigan, more particularly described as: Lots Seven (7) and Fourteen (14), Block One (1) of Baird and Green's Plat of the Village of Holly, being on the Southwest quarter (¼) of Section Thirty-four (34), Town five (5) north, range seven (7) east, according to the plat thereof, recorded in the office of the Register of Deeds for Oakland County, in Liber 285 of Deeds, page 498. (Also known as 210 College Street, Holly, Michigan.)
DATED: October 28, 1935.
HOME OWNERS' LOAN CORPORATION
Mortgagee.
Harold E. Howlett, Attorney for Mortgagee, Business Address: 606 Pontiac Bank Building, Pontiac, Michigan.
Oct. 31—Jan. 23.
1419
MILLER, CANFIELD, PADDOCK & STONE, Attorneys, 3451 Penobscot Building, Detroit, Michigan.
MORTGAGE SALE—Default having been made in the conditions of a certain mortgage made by WILLIAM H. BLACKMON (sometimes written Wm. H. Blackmon), and HAZELLE GILBERT BLACKMON, husband and wife, to FIRST NATIONAL BANK IN PONTIAC, a national banking corporation of Pontiac, Michigan, dated the 16th day of September, A. D. 1924, and recorded in the office of the Register of Deeds for the County of Oakland, State of Michigan, on the 17th day of September, A. D. 1924, in Liber 350 of Mortgages, on pages 544 and 545, which said mortgage was duly assigned to DETROIT TRUST COMPANY, a Michigan corporation, by assignment dated June 8, 1931, and recorded in said office of the Register of Deeds on June 10, 1931, in Liber 694 of Mortgages, on Page 334, on which said mortgage there is claimed to be due and unpaid at the date of this notice, for principal and interest, the sum of Four Thousand Two Hundred Sixty-nine and 49/100 ($4,269.49) Dollars and no suit or proceedings at law or in equity having been instituted to recover the debt secured by said mortgage or any part thereof; now, therefore, by virtue of the power of sale contained in said mortgage and the statute in such case made and provided, notice is hereby given that on Thursday, the 6th day of February, A. D. 1936, at twelve o'clock noon (Eastern Standard Time), said mortgage will be foreclosed by a sale at public vendue to the highest bidder at the Easterly entrance to the Court House in the City of Pontiac, Oakland County, Michigan, (that being the building in which the Circuit Court for the County of Oakland is held), of the premises described in said mortgage, or so much thereof as may be necessary to pay the amount due on said mortgage as aforesaid, with interest thereon and all legal costs, charges and expenses, including the attorney fees allowed by law, and any sum or sums which may be paid by the undersigned at or before said sale for taxes and/or insurance on said premises, which premises are described as follows: That parcel of land situated in the City of Pontiac, Oakland County, Michigan, described as follows, to-wit: Lot No. 185 of Sanderson and Johnston's Addition to the said City of Pontiac, Michigan, according to the recorded plat thereof. Together with the hereditaments and appurtenances thereof.
Dated: November 7, 1935.
DETROIT TRUST COMPANY,
Assignee.
Miller, Canfield, Paddock & Stone, Attorneys for Assignee, 3456 Penobscot Building, Detroit, Michigan.
Nov. 7—Jan. 30.
1397
F. J. Cochran, Attorney, Northville, Michigan.
MORTGAGE SALE—DEFAULT having been made for more than thirty days in the conditions of a certain mortgage made by Philip Taylor and Anna Taylor his wife of the City of Farmington, Oakland County, Michigan to Frank W. Martin of the same place, dated the 5th day of November, A. D. 1928, and recorded in the office of the Register of Deeds for the County of Oakland and State of Michigan, on the 8th day of November, A. D. 1928, in Liber 545 of Mortgages, on page 474-5 on which mortgage there is claimed to be due and unpaid at the date of this notice, for principal and interest, the sum of THREE HUNDRED THIRTY-ONE and 00/100 ($331.00) and no suit or proceedings at law or in equity having been had or instituted to recover the debt secured by said mortgage or any part thereof. Now, therefore, by virtue of the power of sale contained in said mortgage, and pursuant to the statute in such case made and provided, NOTICE IS HEREBY GIVEN that on Monday the 30th day of December, A. D. 1935, at 12 o'clock noon, Eastern Standard Time, said mortgage will be foreclosed by a sale at public vendue to the highest bidder at the Easterly entrance to the Court House in the City of Pontiac, Oakland County, Michigan, (that being the place where the Circuit Court for the County of Oakland is held) of the premises described in said mortgage, or so much thereof as may be necessary to pay the amount due on said mortgage as aforesaid, with six per cent interest thereon and all legal costs, charges and expenses, including the attorney fees allowed by law, and also any sum or sums which may be paid by the undersigned at or before said sale for taxes and/or insurance on said premises. Which said premises are described as follows: Commencing at a point on the east line of Section 15, 21½ rods north of the southeast corner of Section 15; thence north along said section line 13 rods, thence westerly 24½ rods thence north parallel with said Section line 13 rods, thence easterly along Drive south line now Delight's 24½ rods to the place of beginning, containing about two acres of land in the Township of Novi, Oakland County, Michigan.
Dated: October 1st 1935.
FRANK W. MARTIN
Mortgagee.
F. J. Cochran, Attorney for Mortgagee, Business Address: Northville, Michigan.
Oct. 3—Dec. 26.
